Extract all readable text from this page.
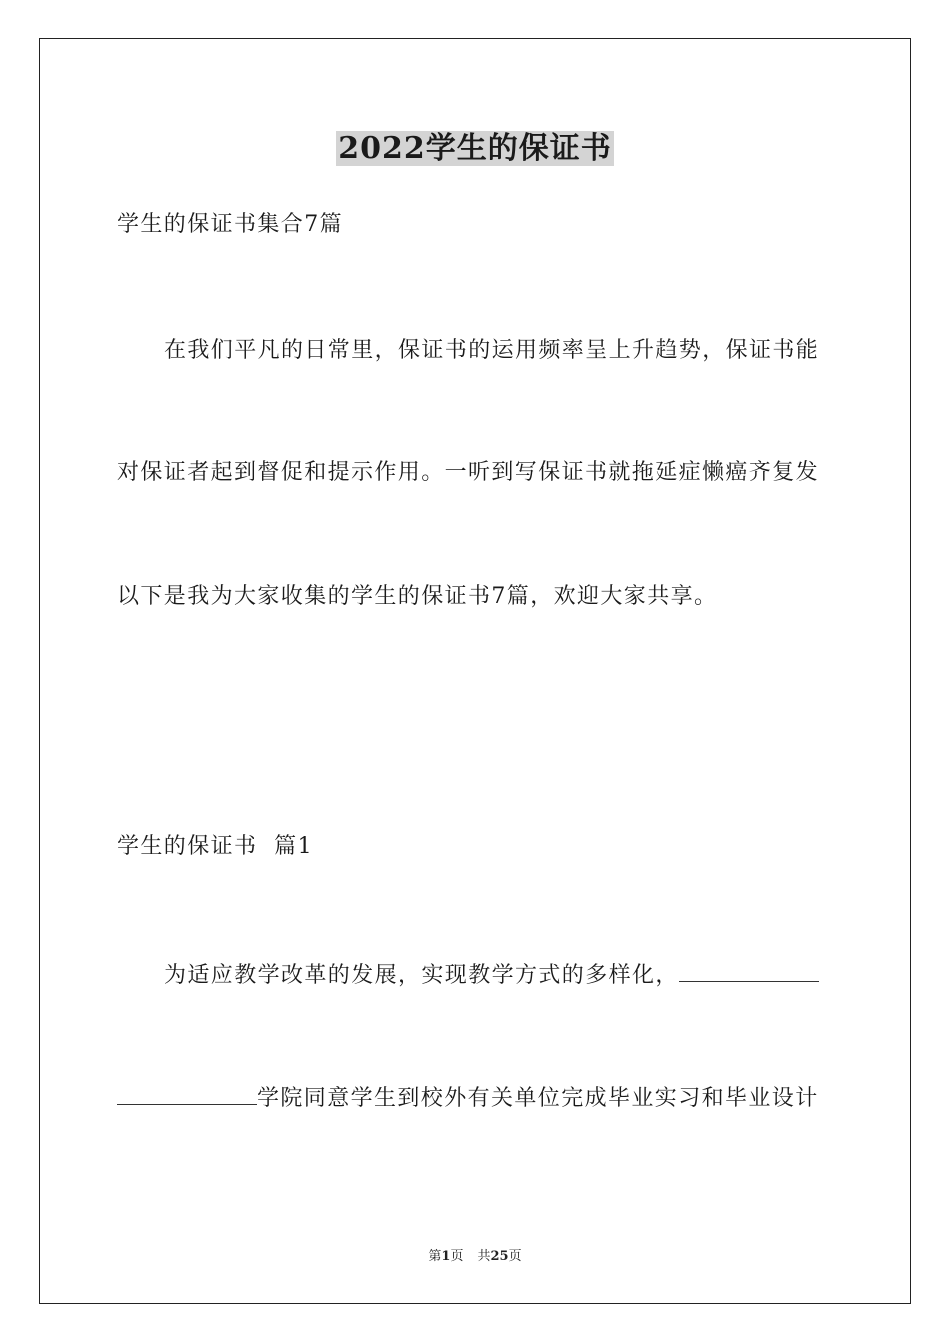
2022学生的保证书
学生的保证书集合7篇
在我们平凡的日常里，保证书的运用频率呈上升趋势，保证书能
对保证者起到督促和提示作用。一听到写保证书就拖延症懒癌齐复发
以下是我为大家收集的学生的保证书7篇，欢迎大家共享。
学生的保证书  篇1
为适应教学改革的发展，实现教学方式的多样化，
学院同意学生到校外有关单位完成毕业实习和毕业设计
第1页 共25页
